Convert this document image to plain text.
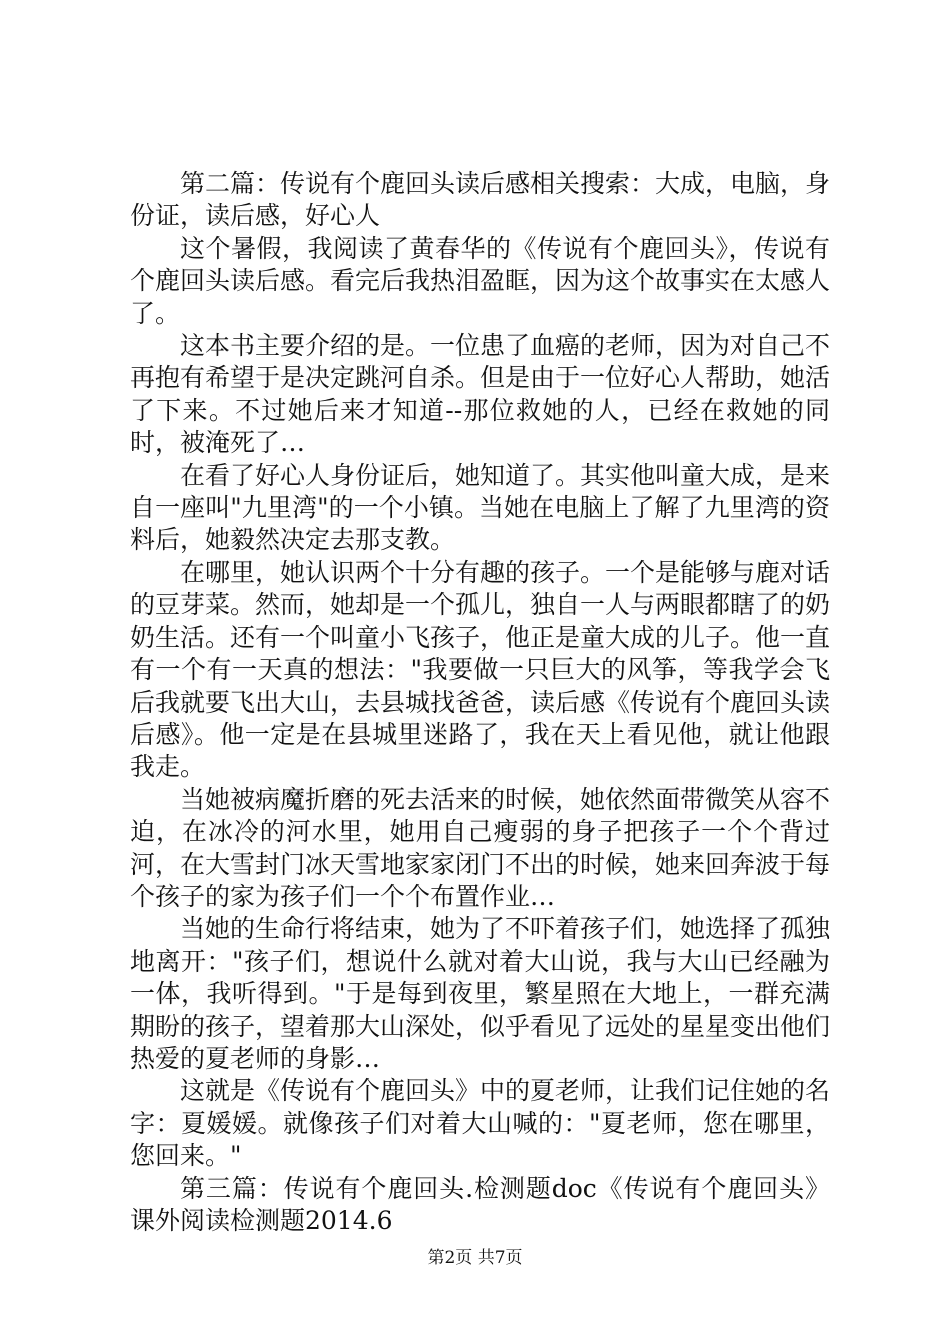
第二篇：传说有个鹿回头读后感相关搜索：大成，电脑，身份证，读后感，好心人

这个暑假，我阅读了黄春华的《传说有个鹿回头》，传说有个鹿回头读后感。看完后我热泪盈眶，因为这个故事实在太感人了。

这本书主要介绍的是。一位患了血癌的老师，因为对自己不再抱有希望于是决定跳河自杀。但是由于一位好心人帮助，她活了下来。不过她后来才知道--那位救她的人，已经在救她的同时，被淹死了…

在看了好心人身份证后，她知道了。其实他叫童大成，是来自一座叫"九里湾"的一个小镇。当她在电脑上了解了九里湾的资料后，她毅然决定去那支教。

在哪里，她认识两个十分有趣的孩子。一个是能够与鹿对话的豆芽菜。然而，她却是一个孤儿，独自一人与两眼都瞎了的奶奶生活。还有一个叫童小飞孩子，他正是童大成的儿子。他一直有一个有一天真的想法："我要做一只巨大的风筝，等我学会飞后我就要飞出大山，去县城找爸爸，读后感《传说有个鹿回头读后感》。他一定是在县城里迷路了，我在天上看见他，就让他跟我走。

当她被病魔折磨的死去活来的时候，她依然面带微笑从容不迫，在冰冷的河水里，她用自己瘦弱的身子把孩子一个个背过河，在大雪封门冰天雪地家家闭门不出的时候，她来回奔波于每个孩子的家为孩子们一个个布置作业…

当她的生命行将结束，她为了不吓着孩子们，她选择了孤独地离开："孩子们，想说什么就对着大山说，我与大山已经融为一体，我听得到。"于是每到夜里，繁星照在大地上，一群充满期盼的孩子，望着那大山深处，似乎看见了远处的星星变出他们热爱的夏老师的身影…

这就是《传说有个鹿回头》中的夏老师，让我们记住她的名字：夏媛媛。就像孩子们对着大山喊的："夏老师，您在哪里，您回来。"

第三篇：传说有个鹿回头.检测题doc《传说有个鹿回头》课外阅读检测题2014.6

第2页 共7页
